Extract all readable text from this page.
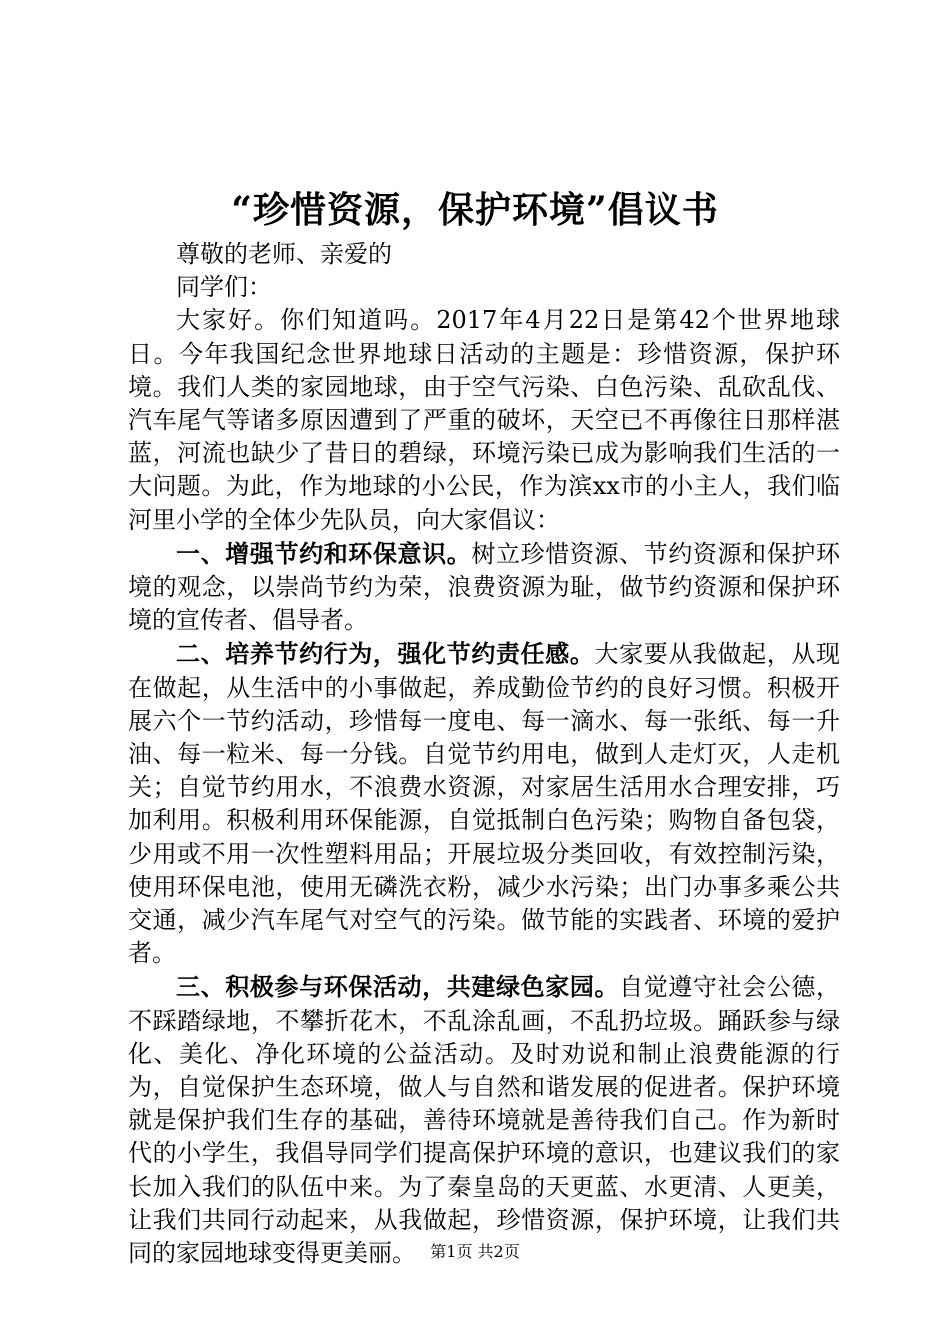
“珍惜资源，保护环境”倡议书

尊敬的老师、亲爱的

同学们：

大家好。你们知道吗。2017年4月22日是第42个世界地球日。今年我国纪念世界地球日活动的主题是：珍惜资源，保护环境。我们人类的家园地球，由于空气污染、白色污染、乱砍乱伐、汽车尾气等诸多原因遭到了严重的破坏，天空已不再像往日那样湛蓝，河流也缺少了昔日的碧绿，环境污染已成为影响我们生活的一大问题。为此，作为地球的小公民，作为滨xx市的小主人，我们临河里小学的全体少先队员，向大家倡议：

一、增强节约和环保意识。树立珍惜资源、节约资源和保护环境的观念，以崇尚节约为荣，浪费资源为耻，做节约资源和保护环境的宣传者、倡导者。

二、培养节约行为，强化节约责任感。大家要从我做起，从现在做起，从生活中的小事做起，养成勤俭节约的良好习惯。积极开展六个一节约活动，珍惜每一度电、每一滴水、每一张纸、每一升油、每一粒米、每一分钱。自觉节约用电，做到人走灯灭，人走机关；自觉节约用水，不浪费水资源，对家居生活用水合理安排，巧加利用。积极利用环保能源，自觉抵制白色污染；购物自备包袋，少用或不用一次性塑料用品；开展垃圾分类回收，有效控制污染，使用环保电池，使用无磷洗衣粉，减少水污染；出门办事多乘公共交通，减少汽车尾气对空气的污染。做节能的实践者、环境的爱护者。

三、积极参与环保活动，共建绿色家园。自觉遵守社会公德，不踩踏绿地，不攀折花木，不乱涂乱画，不乱扔垃圾。踊跃参与绿化、美化、净化环境的公益活动。及时劝说和制止浪费能源的行为，自觉保护生态环境，做人与自然和谐发展的促进者。保护环境就是保护我们生存的基础，善待环境就是善待我们自己。作为新时代的小学生，我倡导同学们提高保护环境的意识，也建议我们的家长加入我们的队伍中来。为了秦皇岛的天更蓝、水更清、人更美，让我们共同行动起来，从我做起，珍惜资源，保护环境，让我们共同的家园地球变得更美丽。 第1页 共2页
